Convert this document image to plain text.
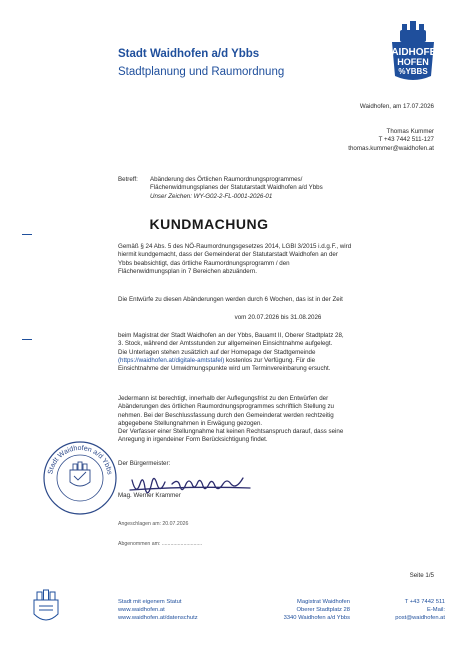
Stadt Waidhofen a/d Ybbs
Stadtplanung und Raumordnung
WAIDHOFEN
HOFEN
%YBBS
Waidhofen, am 17.07.2026
Thomas Kummer
T +43 7442 511-127
thomas.kummer@waidhofen.at
Betreff: Abänderung des Örtlichen Raumordnungsprogrammes/
Flächenwidmungsplanes der Statutarstadt Waidhofen a/d Ybbs
Unser Zeichen: WY-G02-2-FL-0001-2026-01
KUNDMACHUNG
Gemäß § 24 Abs. 5 des NÖ-Raumordnungsgesetzes 2014, LGBl 3/2015 i.d.g.F., wird
hiermit kundgemacht, dass der Gemeinderat der Statutarstadt Waidhofen an der
Ybbs beabsichtigt, das örtliche Raumordnungsprogramm / den
Flächenwidmungsplan in 7 Bereichen abzuändern.
Die Entwürfe zu diesen Abänderungen werden durch 6 Wochen, das ist in der Zeit
vom 20.07.2026 bis 31.08.2026
beim Magistrat der Stadt Waidhofen an der Ybbs, Bauamt II, Oberer Stadtplatz 28,
3. Stock, während der Amtsstunden zur allgemeinen Einsichtnahme aufgelegt.
Die Unterlagen stehen zusätzlich auf der Homepage der Stadtgemeinde
(https://waidhofen.at/digitale-amtstafel) kostenlos zur Verfügung. Für die
Einsichtnahme der Umwidmungspunkte wird um Terminvereinbarung ersucht.
Jedermann ist berechtigt, innerhalb der Auflegungsfrist zu den Entwürfen der
Abänderungen des örtlichen Raumordnungsprogrammes schriftlich Stellung zu
nehmen. Bei der Beschlussfassung durch den Gemeinderat werden rechtzeitig
abgegebene Stellungnahmen in Erwägung gezogen.
Der Verfasser einer Stellungnahme hat keinen Rechtsanspruch darauf, dass seine
Anregung in irgendeiner Form Berücksichtigung findet.
Stadt Waidhofen a/d Ybbs
Der Bürgermeister:
Mag. Werner Krammer
Angeschlagen am: 20.07.2026
Abgenommen am: ............................
Seite 1/5
Stadt mit eigenem Statut
www.waidhofen.at
www.waidhofen.at/datenschutz
Magistrat Waidhofen
Oberer Stadtplatz 28
3340 Waidhofen a/d Ybbs
T +43 7442 511
E-Mail:
post@waidhofen.at
